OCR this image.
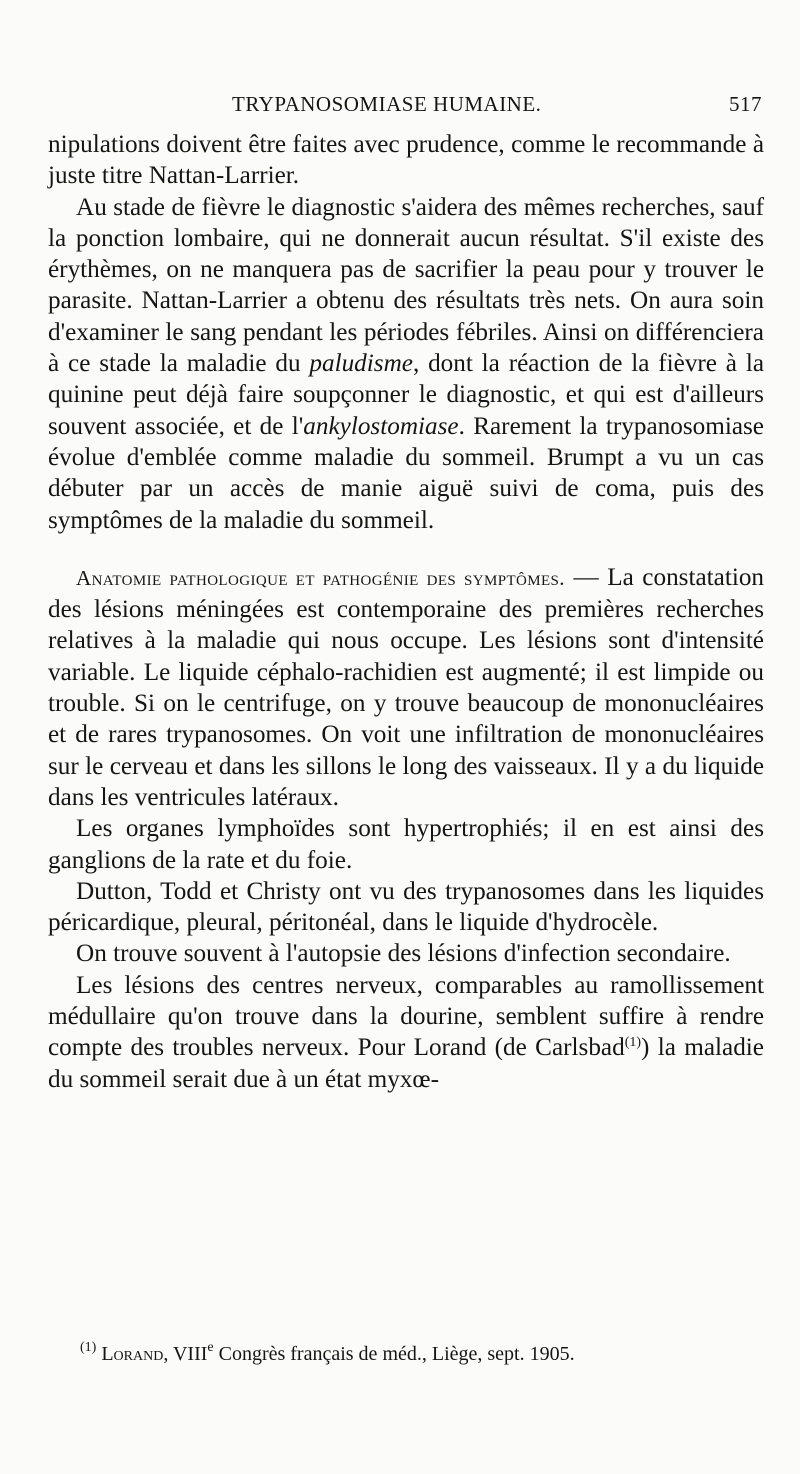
TRYPANOSOMIASE HUMAINE.	517

nipulations doivent être faites avec prudence, comme le recommande à juste titre Nattan-Larrier.

Au stade de fièvre le diagnostic s'aidera des mêmes recherches, sauf la ponction lombaire, qui ne donnerait aucun résultat. S'il existe des érythèmes, on ne manquera pas de sacrifier la peau pour y trouver le parasite. Nattan-Larrier a obtenu des résultats très nets. On aura soin d'examiner le sang pendant les périodes fébriles. Ainsi on différenciera à ce stade la maladie du paludisme, dont la réaction de la fièvre à la quinine peut déjà faire soupçonner le diagnostic, et qui est d'ailleurs souvent associée, et de l'ankylostomiase. Rarement la trypanosomiase évolue d'emblée comme maladie du sommeil. Brumpt a vu un cas débuter par un accès de manie aiguë suivi de coma, puis des symptômes de la maladie du sommeil.

Anatomie pathologique et pathogénie des symptômes. — La constatation des lésions méningées est contemporaine des premières recherches relatives à la maladie qui nous occupe. Les lésions sont d'intensité variable. Le liquide céphalo-rachidien est augmenté; il est limpide ou trouble. Si on le centrifuge, on y trouve beaucoup de mononucléaires et de rares trypanosomes. On voit une infiltration de mononucléaires sur le cerveau et dans les sillons le long des vaisseaux. Il y a du liquide dans les ventricules latéraux.

Les organes lymphoïdes sont hypertrophiés; il en est ainsi des ganglions de la rate et du foie.

Dutton, Todd et Christy ont vu des trypanosomes dans les liquides péricardique, pleural, péritonéal, dans le liquide d'hydrocèle.

On trouve souvent à l'autopsie des lésions d'infection secondaire.

Les lésions des centres nerveux, comparables au ramollissement médullaire qu'on trouve dans la dourine, semblent suffire à rendre compte des troubles nerveux. Pour Lorand (de Carlsbad$^{(1)}$) la maladie du sommeil serait due à un état myxœ-

$^{(1)}$ Lorand, VIIIe Congrès français de méd., Liège, sept. 1905.
